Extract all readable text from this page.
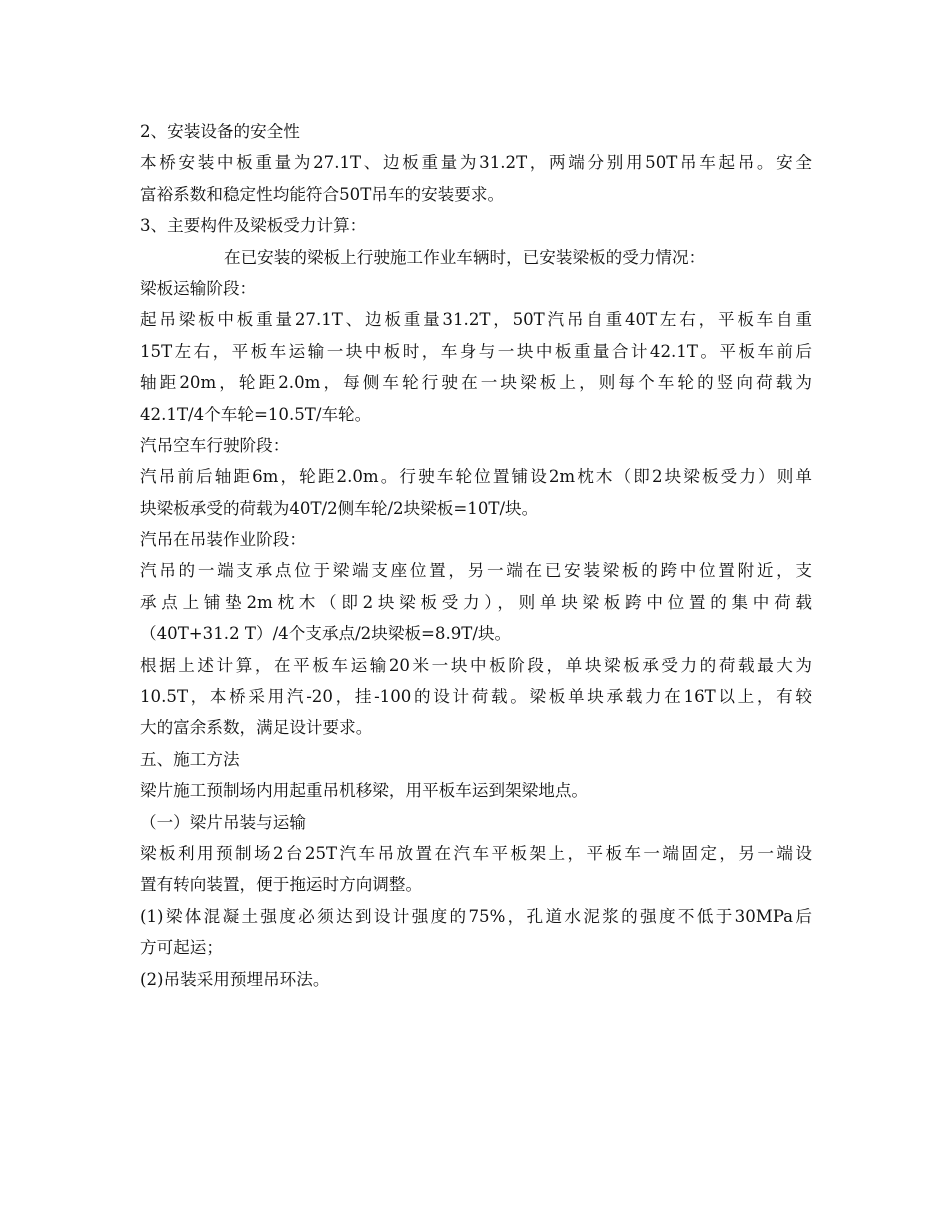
2、安装设备的安全性
本桥安装中板重量为27.1T、边板重量为31.2T，两端分别用50T吊车起吊。安全
富裕系数和稳定性均能符合50T吊车的安装要求。
3、主要构件及梁板受力计算：
在已安装的梁板上行驶施工作业车辆时，已安装梁板的受力情况：
梁板运输阶段：
起吊梁板中板重量27.1T、边板重量31.2T，50T汽吊自重40T左右，平板车自重
15T左右，平板车运输一块中板时，车身与一块中板重量合计42.1T。平板车前后
轴距20m，轮距2.0m，每侧车轮行驶在一块梁板上，则每个车轮的竖向荷载为
42.1T/4个车轮=10.5T/车轮。
汽吊空车行驶阶段：
汽吊前后轴距6m，轮距2.0m。行驶车轮位置铺设2m枕木（即2块梁板受力）则单
块梁板承受的荷载为40T/2侧车轮/2块梁板=10T/块。
汽吊在吊装作业阶段：
汽吊的一端支承点位于梁端支座位置，另一端在已安装梁板的跨中位置附近，支
承点上铺垫2m枕木（即2块梁板受力），则单块梁板跨中位置的集中荷载
（40T+31.2 T）/4个支承点/2块梁板=8.9T/块。
根据上述计算，在平板车运输20米一块中板阶段，单块梁板承受力的荷载最大为
10.5T，本桥采用汽-20，挂-100的设计荷载。梁板单块承载力在16T以上，有较
大的富余系数，满足设计要求。
五、施工方法
梁片施工预制场内用起重吊机移梁，用平板车运到架梁地点。
（一）梁片吊装与运输
梁板利用预制场2台25T汽车吊放置在汽车平板架上，平板车一端固定，另一端设
置有转向装置，便于拖运时方向调整。
(1)梁体混凝土强度必须达到设计强度的75%，孔道水泥浆的强度不低于30MPa后
方可起运；
(2)吊装采用预埋吊环法。
